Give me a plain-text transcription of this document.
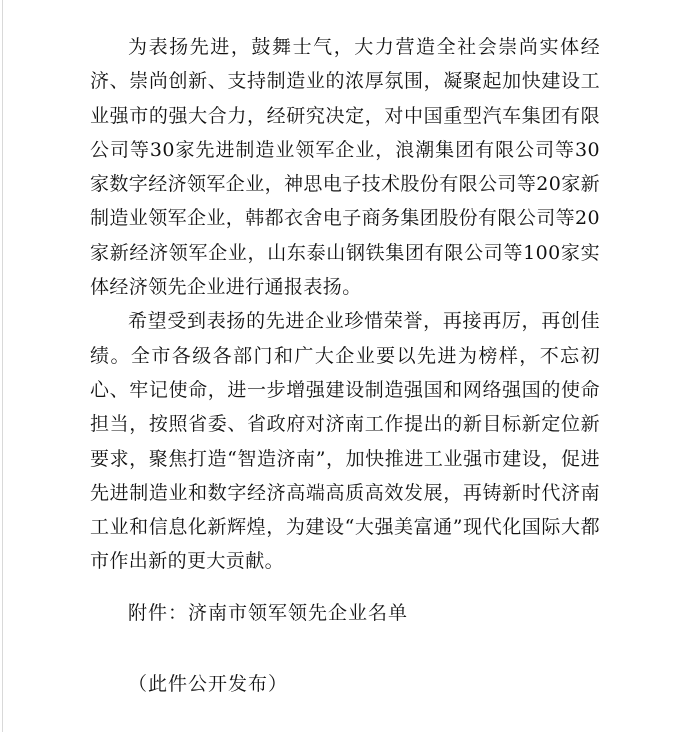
为表扬先进，鼓舞士气，大力营造全社会崇尚实体经济、崇尚创新、支持制造业的浓厚氛围，凝聚起加快建设工业强市的强大合力，经研究决定，对中国重型汽车集团有限公司等30家先进制造业领军企业，浪潮集团有限公司等30家数字经济领军企业，神思电子技术股份有限公司等20家新制造业领军企业，韩都衣舍电子商务集团股份有限公司等20家新经济领军企业，山东泰山钢铁集团有限公司等100家实体经济领先企业进行通报表扬。

希望受到表扬的先进企业珍惜荣誉，再接再厉，再创佳绩。全市各级各部门和广大企业要以先进为榜样，不忘初心、牢记使命，进一步增强建设制造强国和网络强国的使命担当，按照省委、省政府对济南工作提出的新目标新定位新要求，聚焦打造“智造济南”，加快推进工业强市建设，促进先进制造业和数字经济高端高质高效发展，再铸新时代济南工业和信息化新辉煌，为建设“大强美富通”现代化国际大都市作出新的更大贡献。

附件：济南市领军领先企业名单
（此件公开发布）
